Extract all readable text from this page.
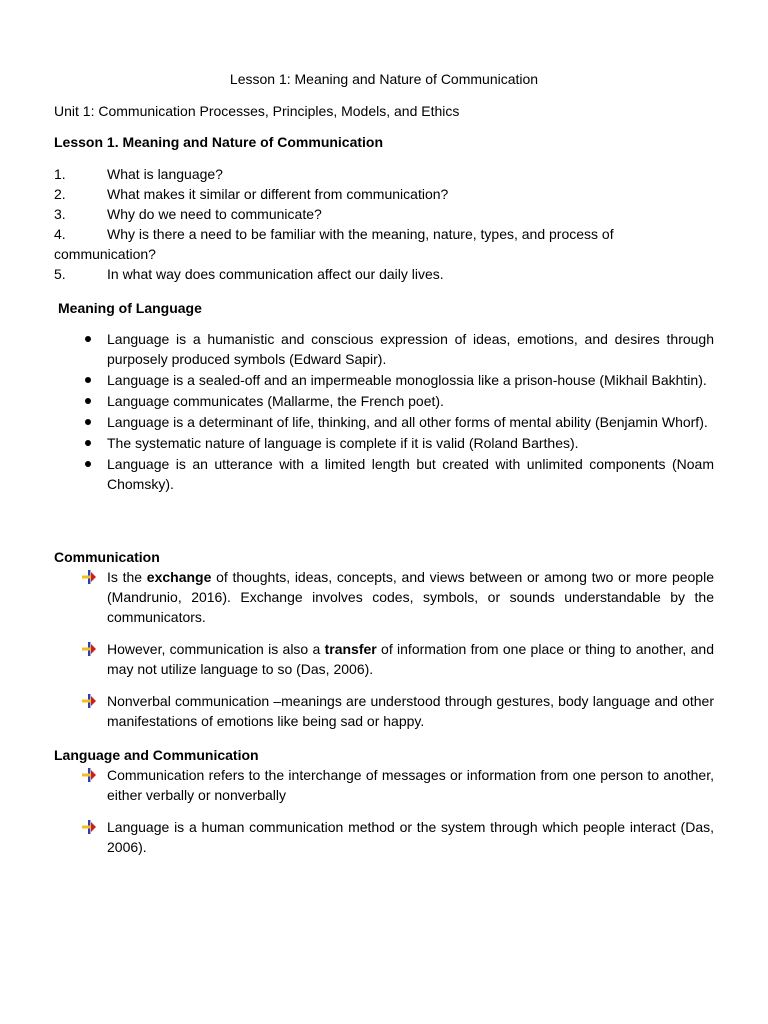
Lesson 1: Meaning and Nature of Communication

Unit 1: Communication Processes, Principles, Models, and Ethics

Lesson 1. Meaning and Nature of Communication

1.	What is language?
2.	What makes it similar or different from communication?
3.	Why do we need to communicate?
4.	Why is there a need to be familiar with the meaning, nature, types, and process of
communication?
5.	In what way does communication affect our daily lives.

Meaning of Language

Language is a humanistic and conscious expression of ideas, emotions, and desires through purposely produced symbols (Edward Sapir).
Language is a sealed-off and an impermeable monoglossia like a prison-house (Mikhail Bakhtin).
Language communicates (Mallarme, the French poet).
Language is a determinant of life, thinking, and all other forms of mental ability (Benjamin Whorf).
The systematic nature of language is complete if it is valid (Roland Barthes).
Language is an utterance with a limited length but created with unlimited components (Noam Chomsky).

Communication

Is the exchange of thoughts, ideas, concepts, and views between or among two or more people (Mandrunio, 2016). Exchange involves codes, symbols, or sounds understandable by the communicators.
However, communication is also a transfer of information from one place or thing to another, and may not utilize language to so (Das, 2006).
Nonverbal communication –meanings are understood through gestures, body language and other manifestations of emotions like being sad or happy.

Language and Communication

Communication refers to the interchange of messages or information from one person to another, either verbally or nonverbally
Language is a human communication method or the system through which people interact (Das, 2006).
